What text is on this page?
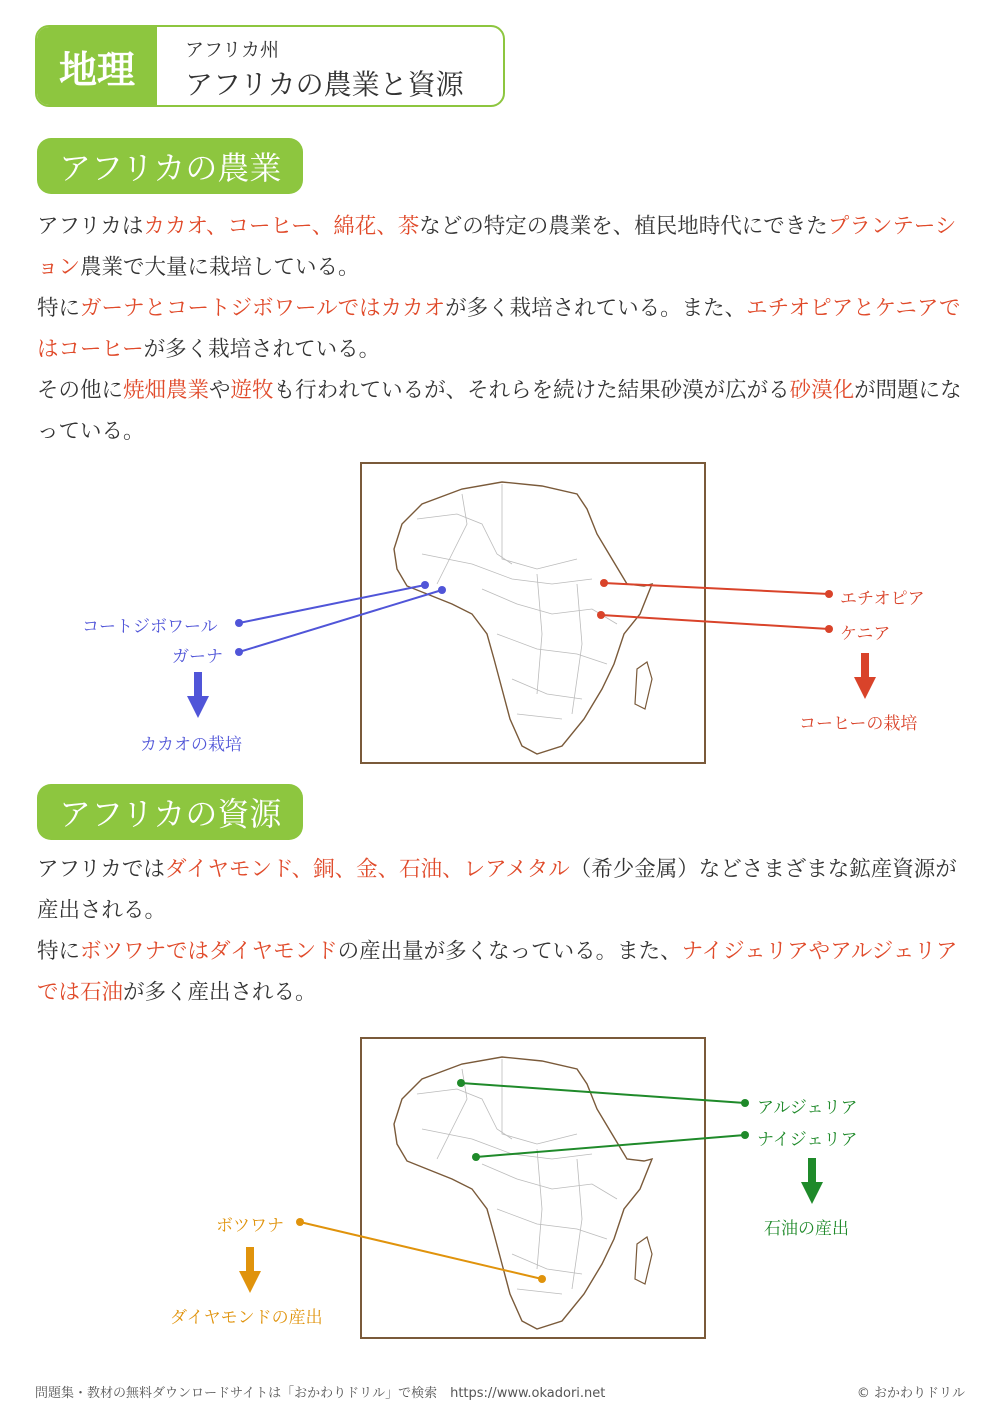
地理	アフリカ州
アフリカの農業と資源
アフリカの農業

アフリカはカカオ、コーヒー、綿花、茶などの特定の農業を、植民地時代にできたプランテーション農業で大量に栽培している。

特にガーナとコートジボワールではカカオが多く栽培されている。また、エチオピアとケニアではコーヒーが多く栽培されている。

その他に焼畑農業や遊牧も行われているが、それらを続けた結果砂漠が広がる砂漠化が問題になっている。

コートジボワール
ガーナ
カカオの栽培
エチオピア
ケニア
コーヒーの栽培
アフリカの資源

アフリカではダイヤモンド、銅、金、石油、レアメタル（希少金属）などさまざまな鉱産資源が産出される。

特にボツワナではダイヤモンドの産出量が多くなっている。また、ナイジェリアやアルジェリアでは石油が多く産出される。

アルジェリア
ナイジェリア
石油の産出
ボツワナ
ダイヤモンドの産出
問題集・教材の無料ダウンロードサイトは「おかわりドリル」で検索　https://www.okadori.net	© おかわりドリル
